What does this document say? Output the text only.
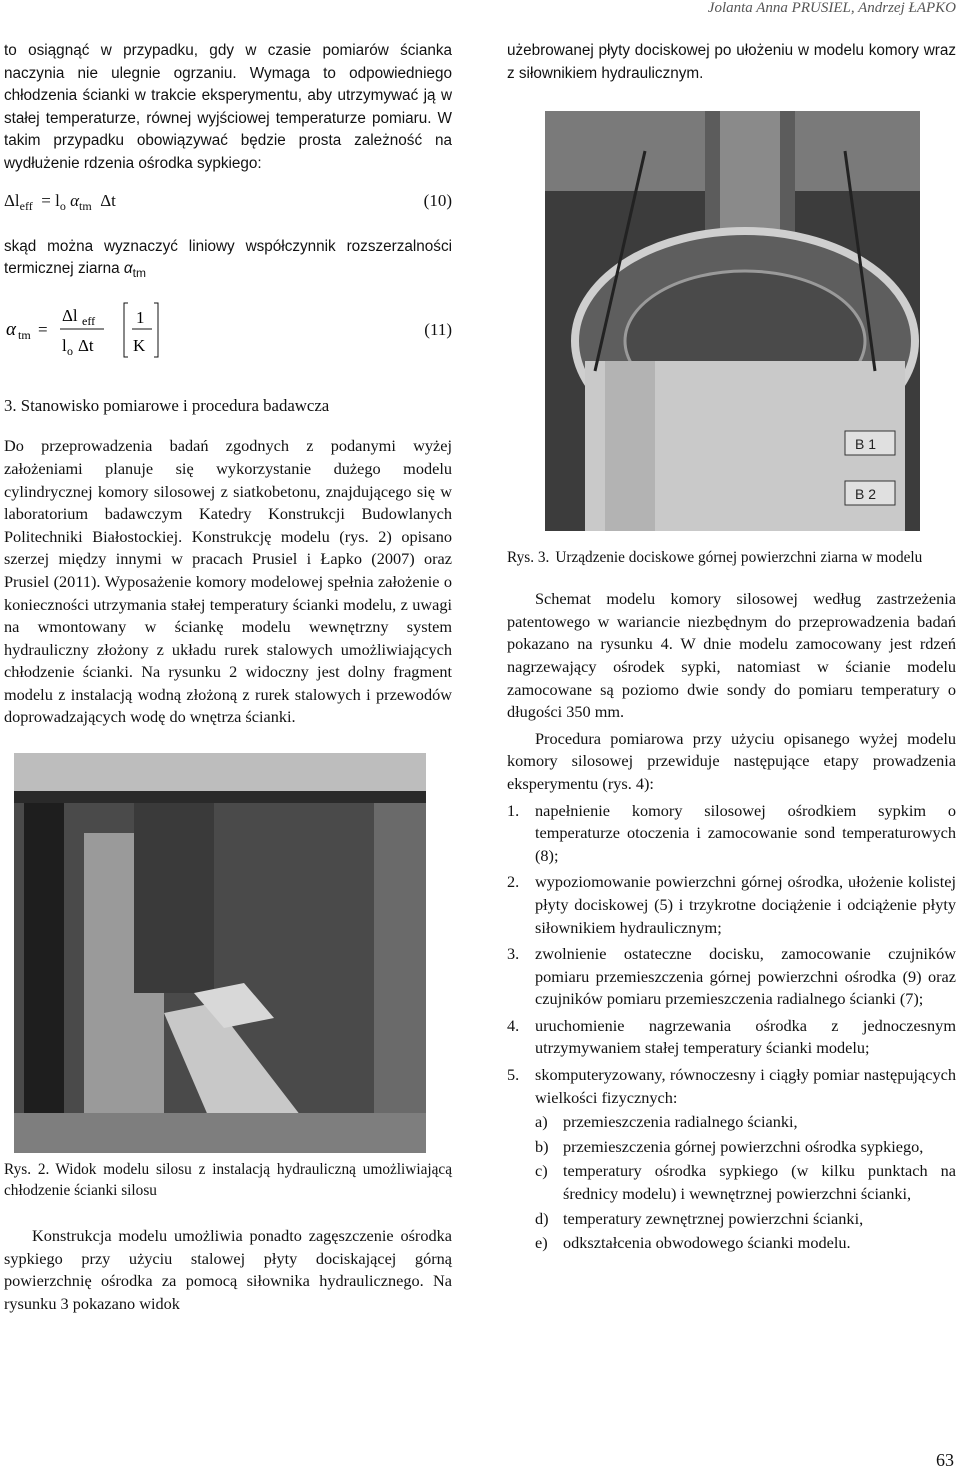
Jolanta Anna PRUSIEL, Andrzej ŁAPKO

to osiągnąć w przypadku, gdy w czasie pomiarów ścianka naczynia nie ulegnie ogrzaniu. Wymaga to odpowiedniego chłodzenia ścianki w trakcie eksperymentu, aby utrzymywać ją w stałej temperaturze, równej wyjściowej temperaturze pomiaru. W takim przypadku obowiązywać będzie prosta zależność na wydłużenie rdzenia ośrodka sypkiego:

$\Delta l_{eff} = l_o$ $\alpha_{tm}$  Δt	(10)

skąd można wyznaczyć liniowy współczynnik rozszerzalności termicznej ziarna $\alpha_{tm}$

α tm =
Δl eff
l o Δt
1
K
(11)
3. Stanowisko pomiarowe i procedura badawcza

Do przeprowadzenia badań zgodnych z podanymi wyżej założeniami planuje się wykorzystanie dużego modelu cylindrycznej komory silosowej z siatkobetonu, znajdującego się w laboratorium badawczym Katedry Konstrukcji Budowlanych Politechniki Białostockiej. Konstrukcję modelu (rys. 2) opisano szerzej między innymi w pracach Prusiel i Łapko (2007) oraz Prusiel (2011). Wyposażenie komory modelowej spełnia założenie o konieczności utrzymania stałej temperatury ścianki modelu, z uwagi na wmontowany w ściankę modelu wewnętrzny system hydrauliczny złożony z układu rurek stalowych umożliwiających chłodzenie ścianki. Na rysunku 2 widoczny jest dolny fragment modelu z instalacją wodną złożoną z rurek stalowych i przewodów doprowadzających wodę do wnętrza ścianki.

Rys. 2. Widok modelu silosu z instalacją hydrauliczną umożliwiającą chłodzenie ścianki silosu

Konstrukcja modelu umożliwia ponadto zagęszczenie ośrodka sypkiego przy użyciu stalowej płyty dociskającej górną powierzchnię ośrodka za pomocą siłownika hydraulicznego. Na rysunku 3 pokazano widok

użebrowanej płyty dociskowej po ułożeniu w modelu komory wraz z siłownikiem hydraulicznym.

B 1
B 2

Rys. 3. Urządzenie dociskowe górnej powierzchni ziarna w modelu

Schemat modelu komory silosowej według zastrzeżenia patentowego w wariancie niezbędnym do przeprowadzenia badań pokazano na rysunku 4. W dnie modelu zamocowany jest rdzeń nagrzewający ośrodek sypki, natomiast w ścianie modelu zamocowane są poziomo dwie sondy do pomiaru temperatury o długości 350 mm.

Procedura pomiarowa przy użyciu opisanego wyżej modelu komory silosowej przewiduje następujące etapy prowadzenia eksperymentu (rys. 4):

1. napełnienie komory silosowej ośrodkiem sypkim o temperaturze otoczenia i zamocowanie sond temperaturowych (8);
2. wypoziomowanie powierzchni górnej ośrodka, ułożenie kolistej płyty dociskowej (5) i trzykrotne dociążenie i odciążenie płyty siłownikiem hydraulicznym;
3. zwolnienie ostateczne docisku, zamocowanie czujników pomiaru przemieszczenia górnej powierzchni ośrodka (9) oraz czujników pomiaru przemieszczenia radialnego ścianki (7);
4. uruchomienie nagrzewania ośrodka z jednoczesnym utrzymywaniem stałej temperatury ścianki modelu;
5. skomputeryzowany, równoczesny i ciągły pomiar następujących wielkości fizycznych:
a) przemieszczenia radialnego ścianki,
b) przemieszczenia górnej powierzchni ośrodka sypkiego,
c) temperatury ośrodka sypkiego (w kilku punktach na średnicy modelu) i wewnętrznej powierzchni ścianki,
d) temperatury zewnętrznej powierzchni ścianki,
e) odkształcenia obwodowego ścianki modelu.
63
